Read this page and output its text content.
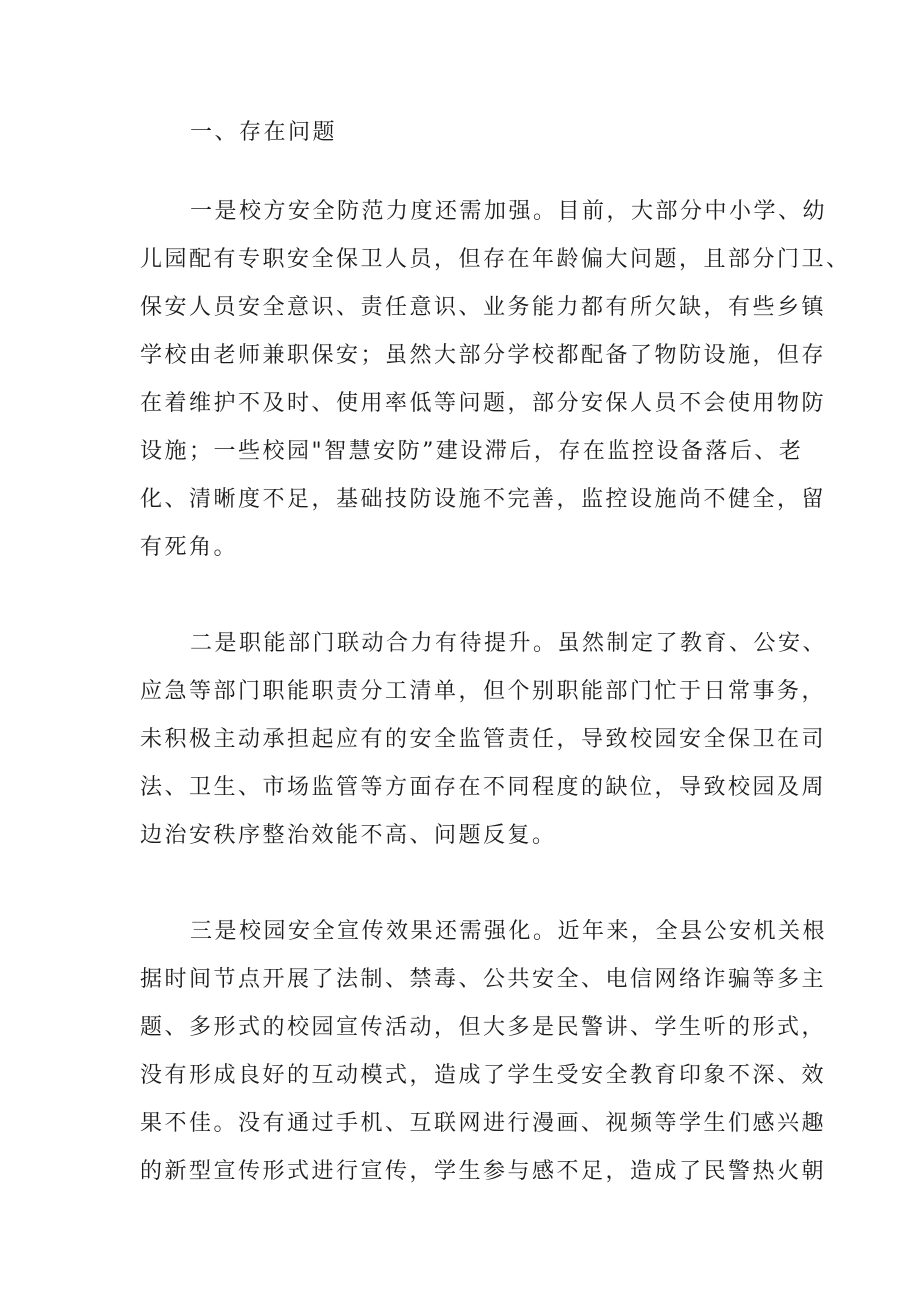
一、存在问题
一是校方安全防范力度还需加强。目前，大部分中小学、幼
儿园配有专职安全保卫人员，但存在年龄偏大问题，且部分门卫、
保安人员安全意识、责任意识、业务能力都有所欠缺，有些乡镇
学校由老师兼职保安；虽然大部分学校都配备了物防设施，但存
在着维护不及时、使用率低等问题，部分安保人员不会使用物防
设施；一些校园"智慧安防”建设滞后，存在监控设备落后、老
化、清晰度不足，基础技防设施不完善，监控设施尚不健全，留
有死角。
二是职能部门联动合力有待提升。虽然制定了教育、公安、
应急等部门职能职责分工清单，但个别职能部门忙于日常事务，
未积极主动承担起应有的安全监管责任，导致校园安全保卫在司
法、卫生、市场监管等方面存在不同程度的缺位，导致校园及周
边治安秩序整治效能不高、问题反复。
三是校园安全宣传效果还需强化。近年来，全县公安机关根
据时间节点开展了法制、禁毒、公共安全、电信网络诈骗等多主
题、多形式的校园宣传活动，但大多是民警讲、学生听的形式，
没有形成良好的互动模式，造成了学生受安全教育印象不深、效
果不佳。没有通过手机、互联网进行漫画、视频等学生们感兴趣
的新型宣传形式进行宣传，学生参与感不足，造成了民警热火朝
